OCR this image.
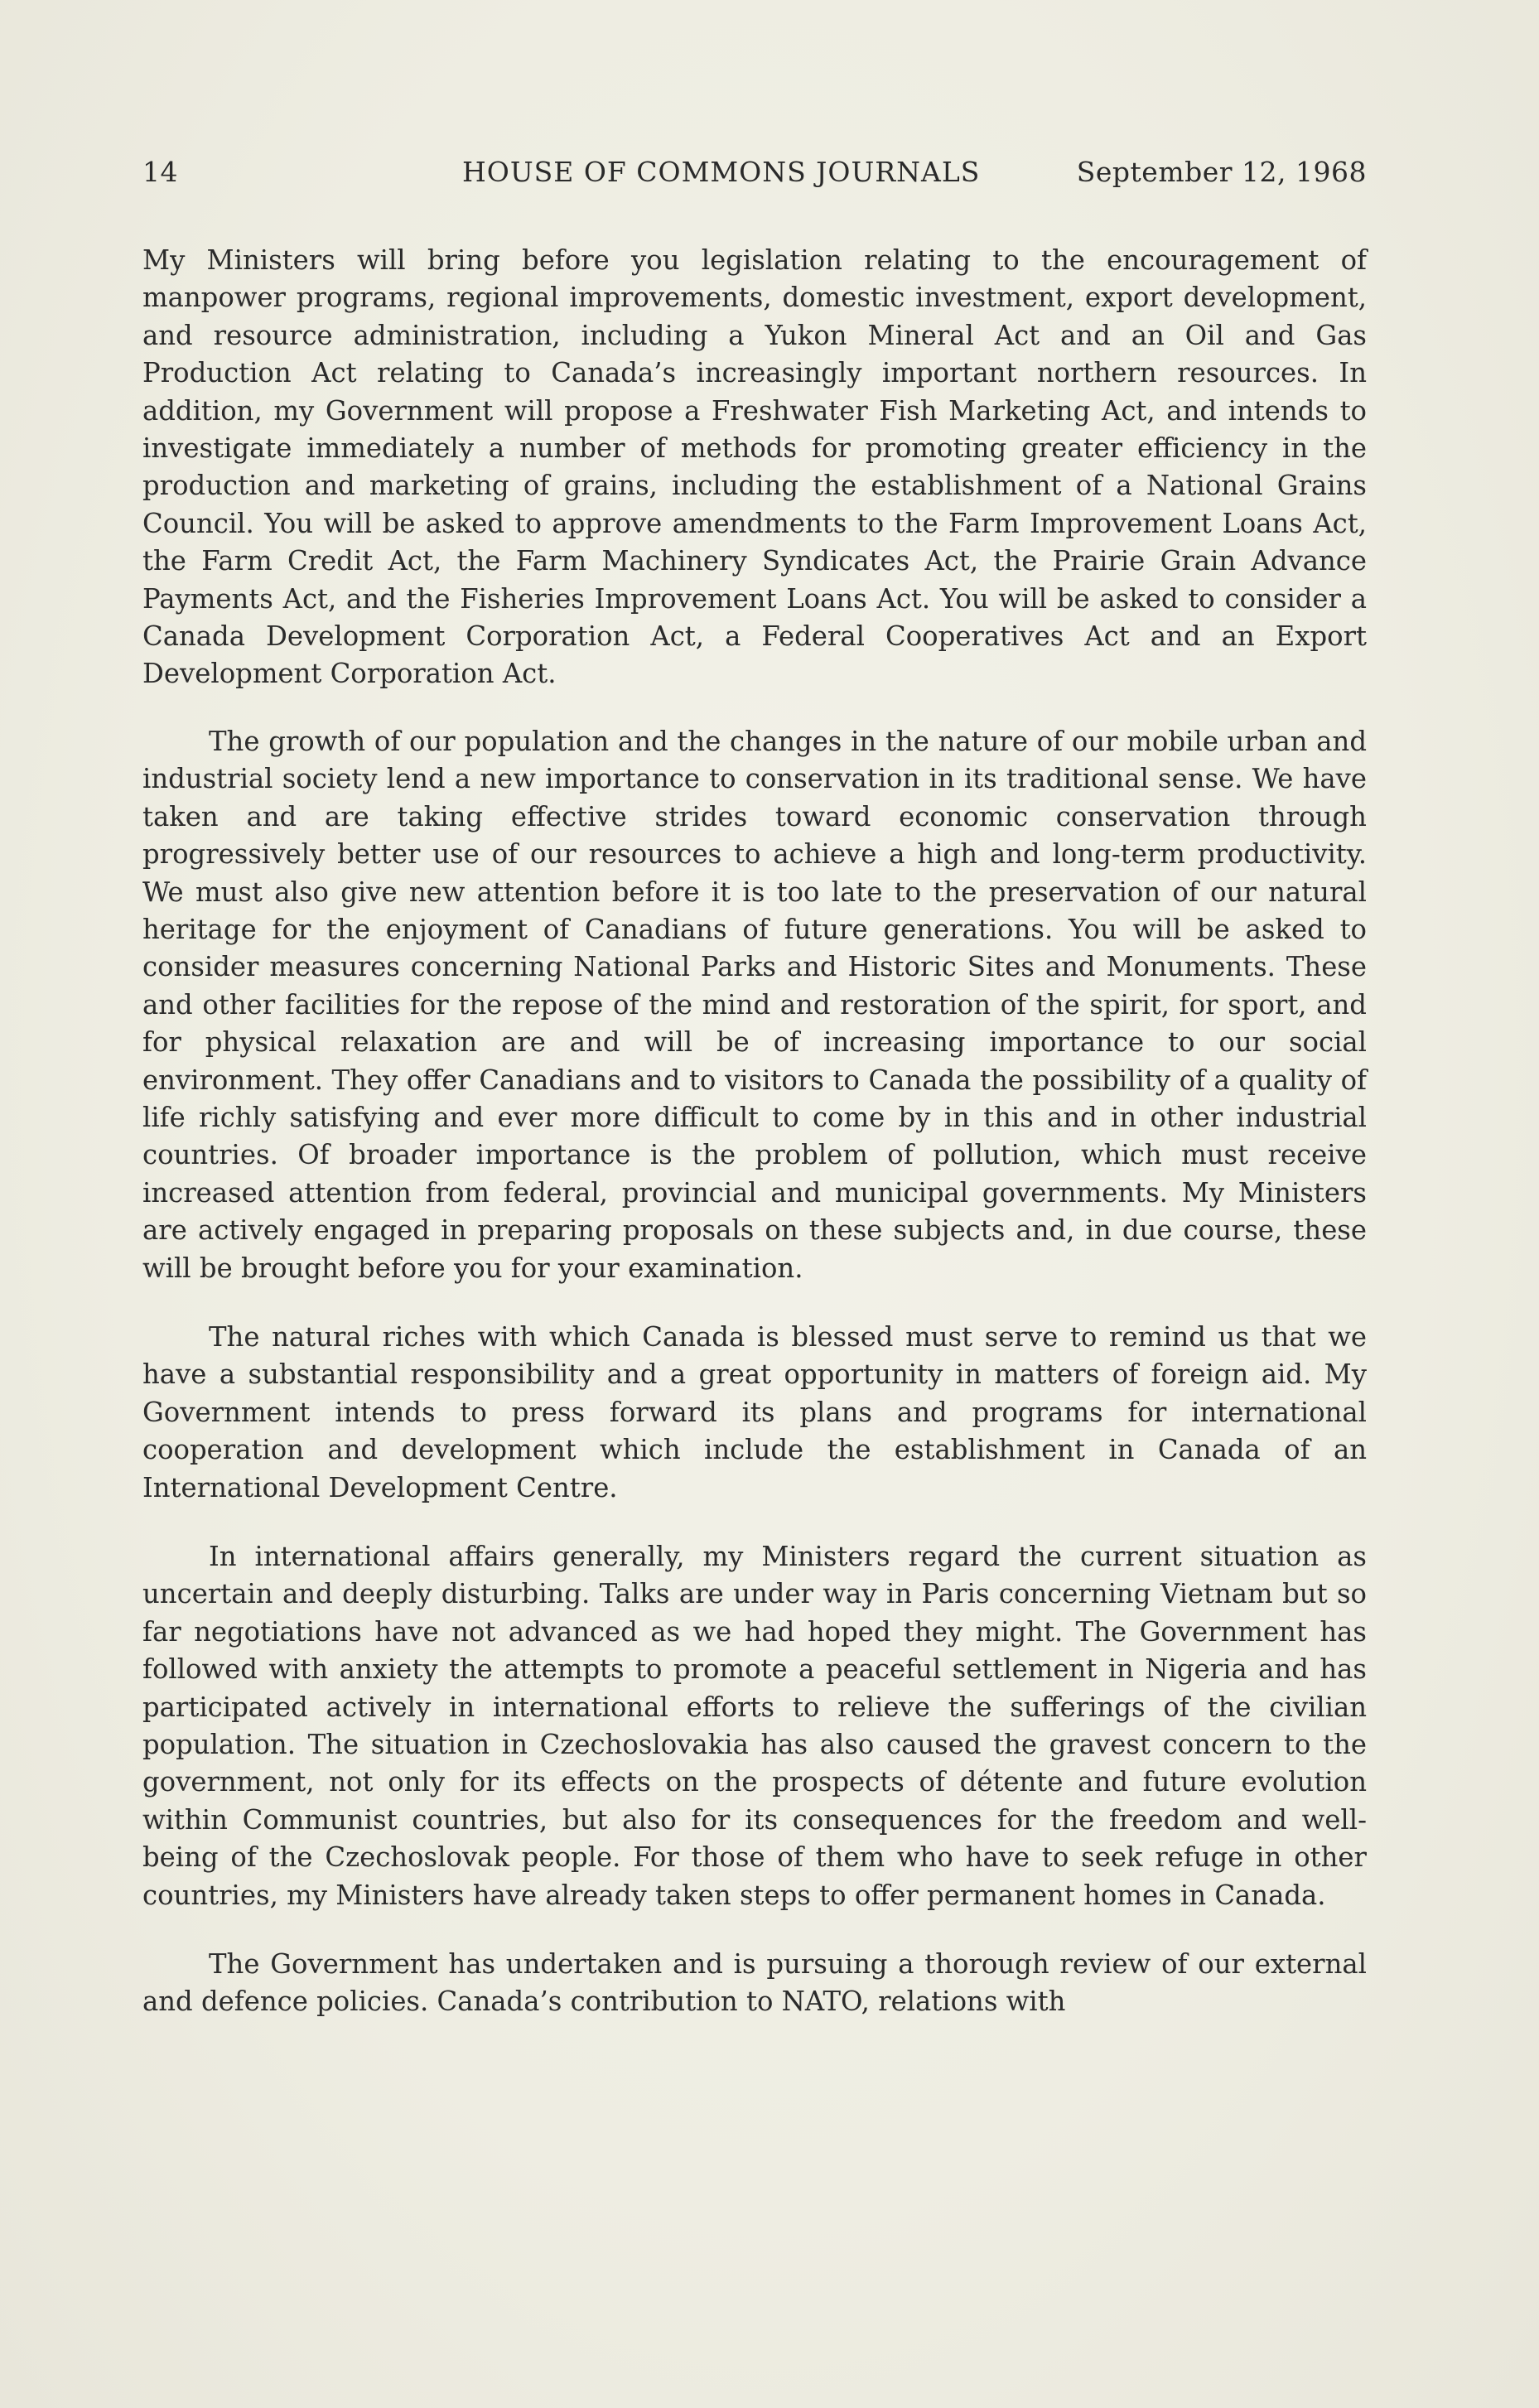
14	HOUSE OF COMMONS JOURNALS	September 12, 1968

My Ministers will bring before you legislation relating to the encouragement of manpower programs, regional improvements, domestic investment, export development, and resource administration, including a Yukon Mineral Act and an Oil and Gas Production Act relating to Canada’s increasingly important northern resources. In addition, my Government will propose a Freshwater Fish Marketing Act, and intends to investigate immediately a number of methods for promoting greater efficiency in the production and marketing of grains, including the establishment of a National Grains Council. You will be asked to approve amendments to the Farm Improvement Loans Act, the Farm Credit Act, the Farm Machinery Syndicates Act, the Prairie Grain Advance Payments Act, and the Fisheries Improvement Loans Act. You will be asked to consider a Canada Development Corporation Act, a Federal Cooperatives Act and an Export Development Corporation Act.

The growth of our population and the changes in the nature of our mobile urban and industrial society lend a new importance to conservation in its traditional sense. We have taken and are taking effective strides toward economic conservation through progressively better use of our resources to achieve a high and long-term productivity. We must also give new attention before it is too late to the preservation of our natural heritage for the enjoyment of Canadians of future generations. You will be asked to consider measures concerning National Parks and Historic Sites and Monuments. These and other facilities for the repose of the mind and restoration of the spirit, for sport, and for physical relaxation are and will be of increasing importance to our social environment. They offer Canadians and to visitors to Canada the possibility of a quality of life richly satisfying and ever more difficult to come by in this and in other industrial countries. Of broader importance is the problem of pollution, which must receive increased attention from federal, provincial and municipal governments. My Ministers are actively engaged in preparing proposals on these subjects and, in due course, these will be brought before you for your examination.

The natural riches with which Canada is blessed must serve to remind us that we have a substantial responsibility and a great opportunity in matters of foreign aid. My Government intends to press forward its plans and programs for international cooperation and development which include the establishment in Canada of an International Development Centre.

In international affairs generally, my Ministers regard the current situation as uncertain and deeply disturbing. Talks are under way in Paris concerning Vietnam but so far negotiations have not advanced as we had hoped they might. The Government has followed with anxiety the attempts to promote a peaceful settlement in Nigeria and has participated actively in international efforts to relieve the sufferings of the civilian population. The situation in Czechoslovakia has also caused the gravest concern to the government, not only for its effects on the prospects of détente and future evolution within Communist countries, but also for its consequences for the freedom and well-being of the Czechoslovak people. For those of them who have to seek refuge in other countries, my Ministers have already taken steps to offer permanent homes in Canada.

The Government has undertaken and is pursuing a thorough review of our external and defence policies. Canada’s contribution to NATO, relations with
